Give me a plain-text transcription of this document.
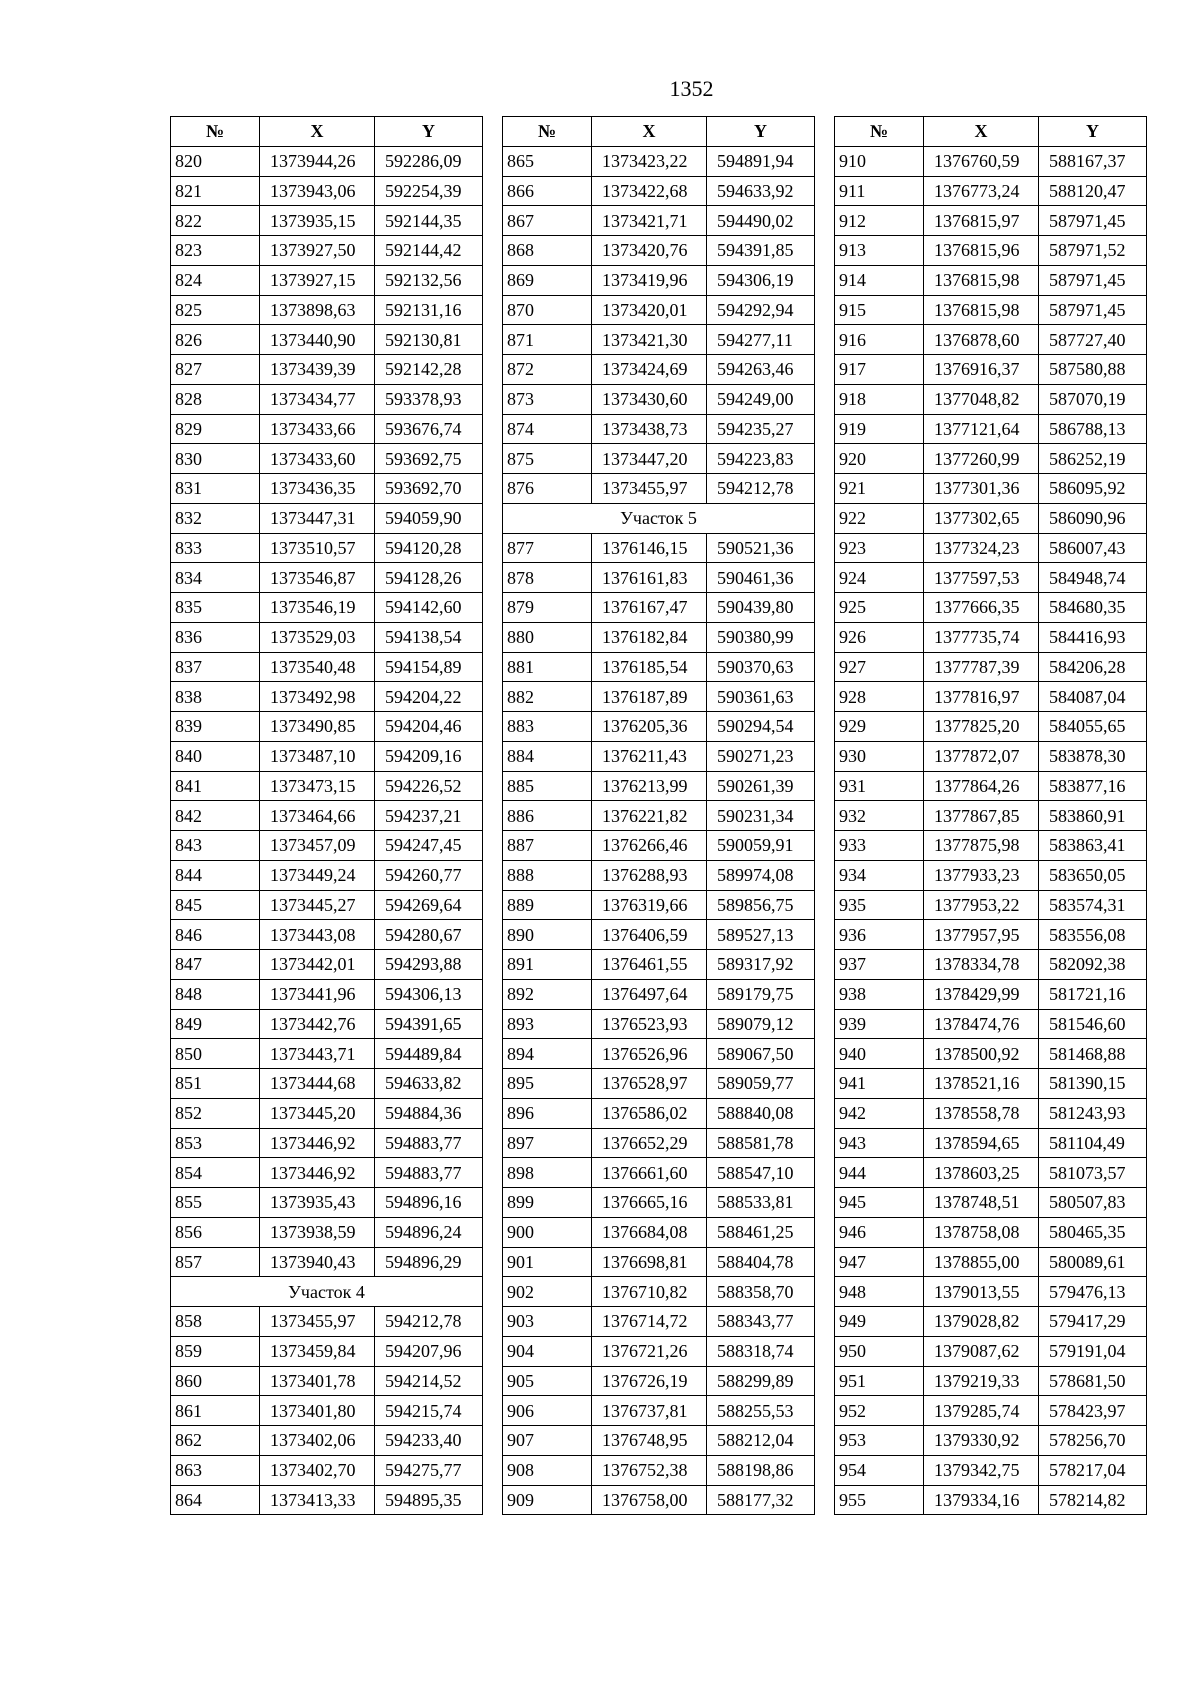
1352
№	X	Y
820	1373944,26	592286,09
821	1373943,06	592254,39
822	1373935,15	592144,35
823	1373927,50	592144,42
824	1373927,15	592132,56
825	1373898,63	592131,16
826	1373440,90	592130,81
827	1373439,39	592142,28
828	1373434,77	593378,93
829	1373433,66	593676,74
830	1373433,60	593692,75
831	1373436,35	593692,70
832	1373447,31	594059,90
833	1373510,57	594120,28
834	1373546,87	594128,26
835	1373546,19	594142,60
836	1373529,03	594138,54
837	1373540,48	594154,89
838	1373492,98	594204,22
839	1373490,85	594204,46
840	1373487,10	594209,16
841	1373473,15	594226,52
842	1373464,66	594237,21
843	1373457,09	594247,45
844	1373449,24	594260,77
845	1373445,27	594269,64
846	1373443,08	594280,67
847	1373442,01	594293,88
848	1373441,96	594306,13
849	1373442,76	594391,65
850	1373443,71	594489,84
851	1373444,68	594633,82
852	1373445,20	594884,36
853	1373446,92	594883,77
854	1373446,92	594883,77
855	1373935,43	594896,16
856	1373938,59	594896,24
857	1373940,43	594896,29
Участок 4		
858	1373455,97	594212,78
859	1373459,84	594207,96
860	1373401,78	594214,52
861	1373401,80	594215,74
862	1373402,06	594233,40
863	1373402,70	594275,77
864	1373413,33	594895,35
№	X	Y
865	1373423,22	594891,94
866	1373422,68	594633,92
867	1373421,71	594490,02
868	1373420,76	594391,85
869	1373419,96	594306,19
870	1373420,01	594292,94
871	1373421,30	594277,11
872	1373424,69	594263,46
873	1373430,60	594249,00
874	1373438,73	594235,27
875	1373447,20	594223,83
876	1373455,97	594212,78
Участок 5		
877	1376146,15	590521,36
878	1376161,83	590461,36
879	1376167,47	590439,80
880	1376182,84	590380,99
881	1376185,54	590370,63
882	1376187,89	590361,63
883	1376205,36	590294,54
884	1376211,43	590271,23
885	1376213,99	590261,39
886	1376221,82	590231,34
887	1376266,46	590059,91
888	1376288,93	589974,08
889	1376319,66	589856,75
890	1376406,59	589527,13
891	1376461,55	589317,92
892	1376497,64	589179,75
893	1376523,93	589079,12
894	1376526,96	589067,50
895	1376528,97	589059,77
896	1376586,02	588840,08
897	1376652,29	588581,78
898	1376661,60	588547,10
899	1376665,16	588533,81
900	1376684,08	588461,25
901	1376698,81	588404,78
902	1376710,82	588358,70
903	1376714,72	588343,77
904	1376721,26	588318,74
905	1376726,19	588299,89
906	1376737,81	588255,53
907	1376748,95	588212,04
908	1376752,38	588198,86
909	1376758,00	588177,32
№	X	Y
910	1376760,59	588167,37
911	1376773,24	588120,47
912	1376815,97	587971,45
913	1376815,96	587971,52
914	1376815,98	587971,45
915	1376815,98	587971,45
916	1376878,60	587727,40
917	1376916,37	587580,88
918	1377048,82	587070,19
919	1377121,64	586788,13
920	1377260,99	586252,19
921	1377301,36	586095,92
922	1377302,65	586090,96
923	1377324,23	586007,43
924	1377597,53	584948,74
925	1377666,35	584680,35
926	1377735,74	584416,93
927	1377787,39	584206,28
928	1377816,97	584087,04
929	1377825,20	584055,65
930	1377872,07	583878,30
931	1377864,26	583877,16
932	1377867,85	583860,91
933	1377875,98	583863,41
934	1377933,23	583650,05
935	1377953,22	583574,31
936	1377957,95	583556,08
937	1378334,78	582092,38
938	1378429,99	581721,16
939	1378474,76	581546,60
940	1378500,92	581468,88
941	1378521,16	581390,15
942	1378558,78	581243,93
943	1378594,65	581104,49
944	1378603,25	581073,57
945	1378748,51	580507,83
946	1378758,08	580465,35
947	1378855,00	580089,61
948	1379013,55	579476,13
949	1379028,82	579417,29
950	1379087,62	579191,04
951	1379219,33	578681,50
952	1379285,74	578423,97
953	1379330,92	578256,70
954	1379342,75	578217,04
955	1379334,16	578214,82
